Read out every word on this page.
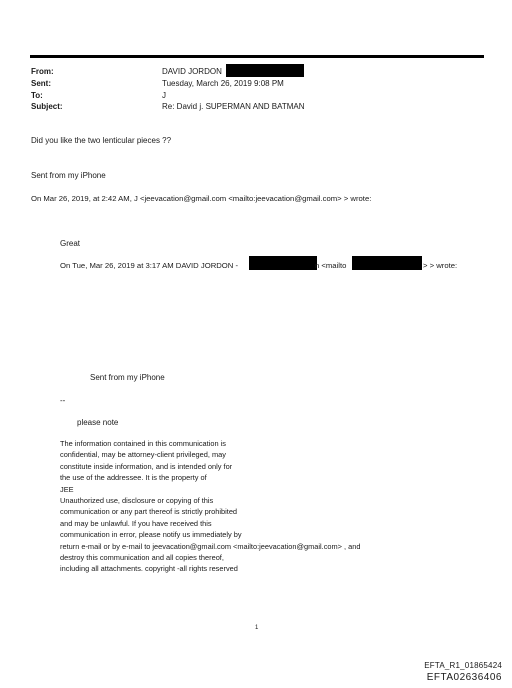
From:	DAVID JORDON
Sent:	Tuesday, March 26, 2019 9:08 PM
To:	J
Subject:	Re: David j. SUPERMAN AND BATMAN
Did you like the two lenticular pieces ??
Sent from my iPhone
On Mar 26, 2019, at 2:42 AM, J <jeevacation@gmail.com <mailto:jeevacation@gmail.com> > wrote:
Great
On Tue, Mar 26, 2019 at 3:17 AM DAVID JORDON -	n <mailto	> > wrote:
Sent from my iPhone
--
please note
The information contained in this communication is
confidential, may be attorney-client privileged, may
constitute inside information, and is intended only for
the use of the addressee. It is the property of
JEE
Unauthorized use, disclosure or copying of this
communication or any part thereof is strictly prohibited
and may be unlawful. If you have received this
communication in error, please notify us immediately by
return e-mail or by e-mail to jeevacation@gmail.com <mailto:jeevacation@gmail.com> , and
destroy this communication and all copies thereof,
including all attachments. copyright -all rights reserved
1
EFTA_R1_01865424
EFTA02636406
